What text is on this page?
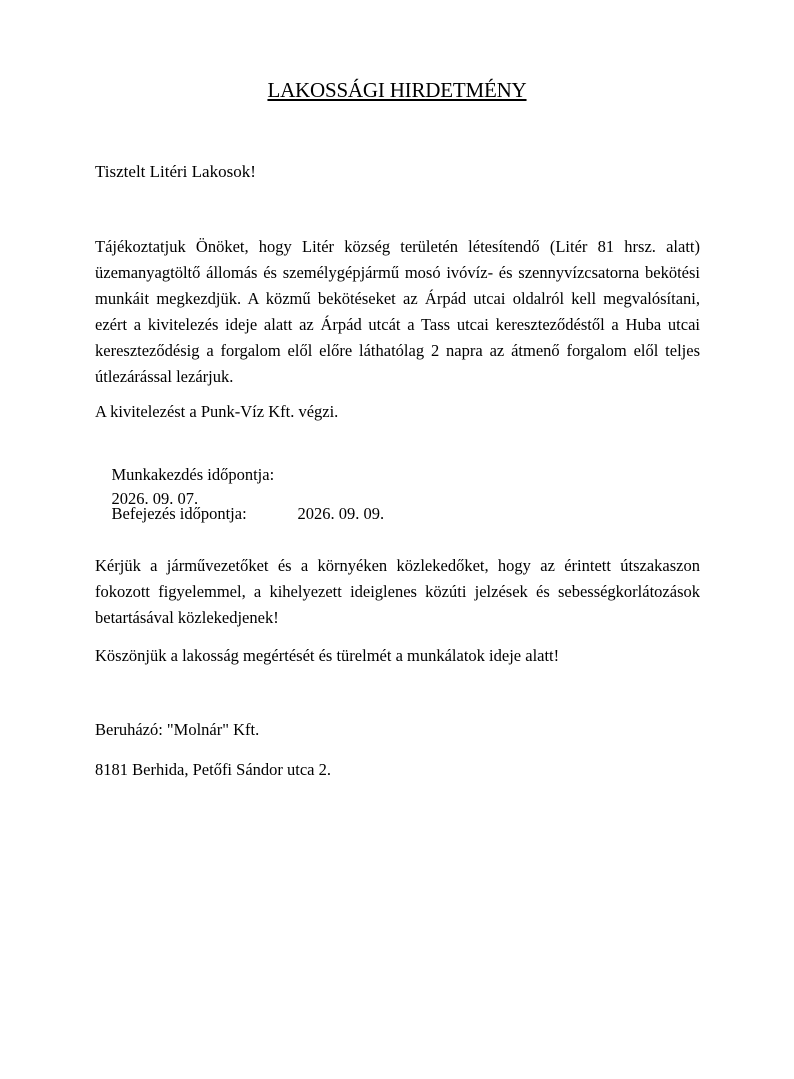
LAKOSSÁGI HIRDETMÉNY
Tisztelt Litéri Lakosok!
Tájékoztatjuk Önöket, hogy Litér község területén létesítendő (Litér 81 hrsz. alatt) üzemanyagtöltő állomás és személygépjármű mosó ivóvíz- és szennyvízcsatorna bekötési munkáit megkezdjük. A közmű bekötéseket az Árpád utcai oldalról kell megvalósítani, ezért a kivitelezés ideje alatt az Árpád utcát a Tass utcai kereszteződéstől a Huba utcai kereszteződésig a forgalom elől előre láthatólag 2 napra az átmenő forgalom elől teljes útlezárással lezárjuk.
A kivitelezést a Punk-Víz Kft. végzi.

Munkakezdés időpontja:
2026. 09. 07.

Befejezés időpontja:	2026. 09. 09.

Kérjük a járművezetőket és a környéken közlekedőket, hogy az érintett útszakaszon fokozott figyelemmel, a kihelyezett ideiglenes közúti jelzések és sebességkorlátozások betartásával közlekedjenek!
Köszönjük a lakosság megértését és türelmét a munkálatok ideje alatt!
Beruházó: "Molnár" Kft.
8181 Berhida, Petőfi Sándor utca 2.
